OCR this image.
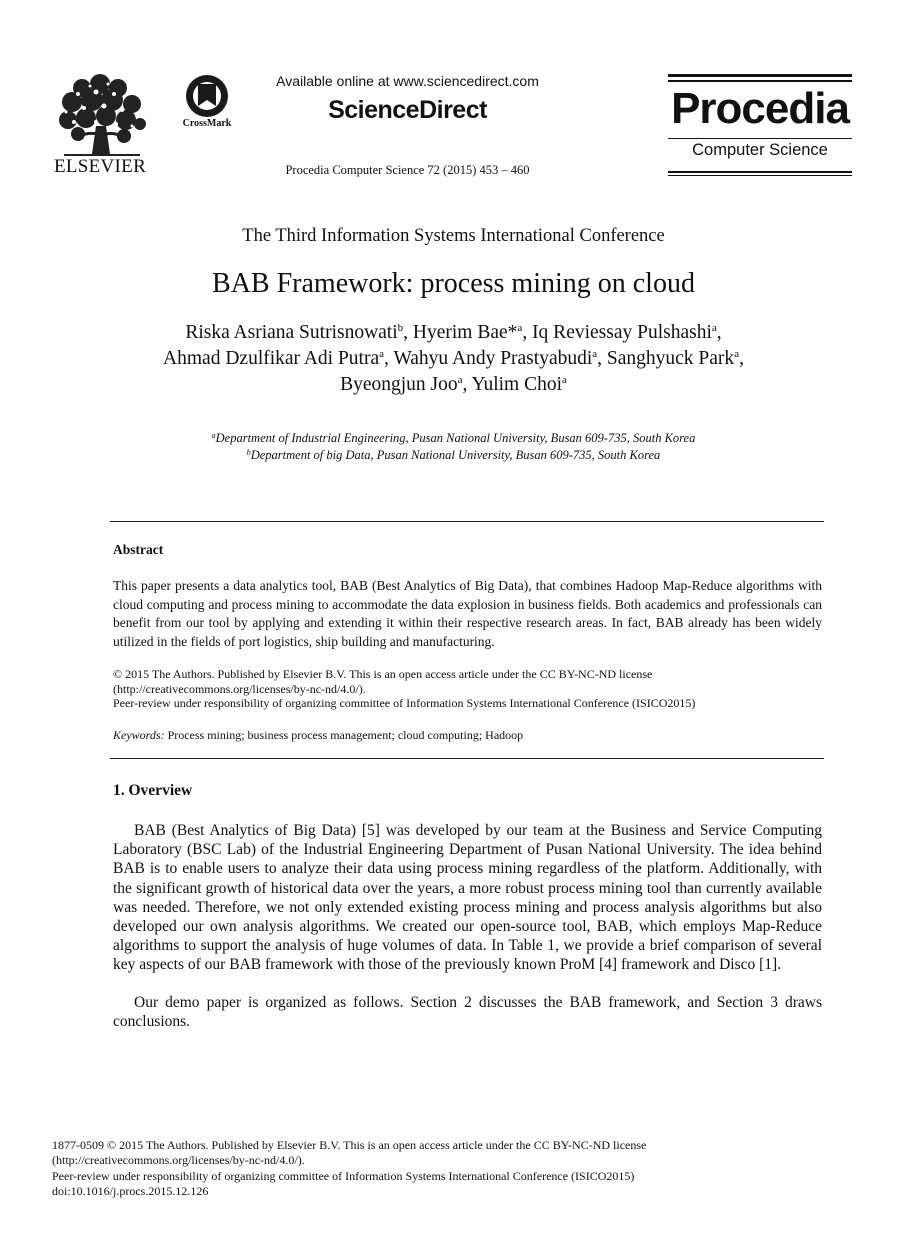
ELSEVIER
CrossMark
Available online at www.sciencedirect.com
ScienceDirect
Procedia Computer Science 72 (2015) 453 – 460
Procedia
Computer Science
The Third Information Systems International Conference
BAB Framework: process mining on cloud
Riska Asriana Sutrisnowati$^b$, Hyerim Bae*$^a$, Iq Reviessay Pulshashi$^a$,
Ahmad Dzulfikar Adi Putra$^a$, Wahyu Andy Prastyabudi$^a$, Sanghyuck Park$^a$,
Byeongjun Joo$^a$, Yulim Choi$^a$
$^a$Department of Industrial Engineering, Pusan National University, Busan 609-735, South Korea
$^b$Department of big Data, Pusan National University, Busan 609-735, South Korea
Abstract
This paper presents a data analytics tool, BAB (Best Analytics of Big Data), that combines Hadoop Map-Reduce algorithms with cloud computing and process mining to accommodate the data explosion in business fields. Both academics and professionals can benefit from our tool by applying and extending it within their respective research areas. In fact, BAB already has been widely utilized in the fields of port logistics, ship building and manufacturing.
© 2015 The Authors. Published by Elsevier B.V. This is an open access article under the CC BY-NC-ND license
(http://creativecommons.org/licenses/by-nc-nd/4.0/).
Peer-review under responsibility of organizing committee of Information Systems International Conference (ISICO2015)
Keywords: Process mining; business process management; cloud computing; Hadoop
1. Overview
BAB (Best Analytics of Big Data) [5] was developed by our team at the Business and Service Computing Laboratory (BSC Lab) of the Industrial Engineering Department of Pusan National University. The idea behind BAB is to enable users to analyze their data using process mining regardless of the platform. Additionally, with the significant growth of historical data over the years, a more robust process mining tool than currently available was needed. Therefore, we not only extended existing process mining and process analysis algorithms but also developed our own analysis algorithms. We created our open-source tool, BAB, which employs Map-Reduce algorithms to support the analysis of huge volumes of data. In Table 1, we provide a brief comparison of several key aspects of our BAB framework with those of the previously known ProM [4] framework and Disco [1].
Our demo paper is organized as follows. Section 2 discusses the BAB framework, and Section 3 draws conclusions.
1877-0509 © 2015 The Authors. Published by Elsevier B.V. This is an open access article under the CC BY-NC-ND license
(http://creativecommons.org/licenses/by-nc-nd/4.0/).
Peer-review under responsibility of organizing committee of Information Systems International Conference (ISICO2015)
doi:10.1016/j.procs.2015.12.126
